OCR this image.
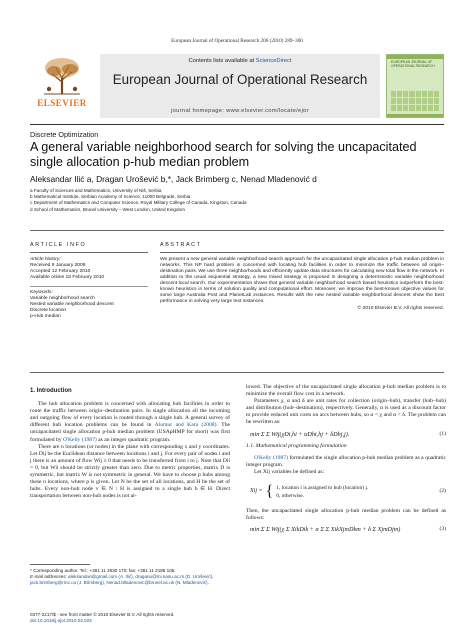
European Journal of Operational Research 206 (2010) 289–300
ELSEVIER
Contents lists available at ScienceDirect
European Journal of Operational Research
journal homepage: www.elsevier.com/locate/ejor
EUROPEAN JOURNAL OF OPERATIONAL RESEARCH
Discrete Optimization
A general variable neighborhood search for solving the uncapacitated single allocation p-hub median problem
Aleksandar Ilić a, Dragan Urošević b,*, Jack Brimberg c, Nenad Mladenović d
a Faculty of Sciences and Mathematics, University of Niš, Serbia
b Mathematical Institute, Serbian Academy of Science, 11000 Belgrade, Serbia
c Department of Mathematics and Computer Science, Royal Military College of Canada, Kingston, Canada
d School of Mathematics, Brunel University – West London, United Kingdom
ARTICLE INFO
Article history:
Received 9 January 2009
Accepted 12 February 2010
Available online 18 February 2010
Keywords:
Variable neighborhood search
Nested variable neighborhood descent
Discrete location
p-Hub median
ABSTRACT
We present a new general variable neighborhood search approach for the uncapacitated single allocation p-hub median problem in networks. This NP hard problem is concerned with locating hub facilities in order to minimize the traffic between all origin–destination pairs. We use three neighborhoods and efficiently update data structures for calculating new total flow in the network. In addition to the usual sequential strategy, a new mixed strategy is proposed in designing a deterministic variable neighborhood descent local search. Our experimentation shows that general variable neighborhood search based heuristics outperform the best-known heuristics in terms of solution quality and computational effort. Moreover, we improve the best-known objective values for some large Australia Post and PlanetLab instances. Results with the new nested variable neighborhood descent show the best performance in solving very large test instances.
© 2010 Elsevier B.V. All rights reserved.
1. Introduction
The hub allocation problem is concerned with allocating hub facilities in order to route the traffic between origin–destination pairs. In single allocation all the incoming and outgoing flow of every location is routed through a single hub. A general survey of different hub location problems can be found in Alumur and Kara (2008). The uncapacitated single allocation p-hub median problem (USApHMP for short) was first formulated by O'Kelly (1987) as an integer quadratic program.
There are n locations (or nodes) in the plane with corresponding x and y coordinates. Let Dij be the Euclidean distance between locations i and j. For every pair of nodes i and j there is an amount of flow Wij ≥ 0 that needs to be transferred from i to j. Note that Dii = 0, but Wii should be strictly greater than zero. Due to metric properties, matrix D is symmetric, but matrix W is not symmetric in general. We have to choose p hubs among these n locations, where p is given. Let N be the set of all locations, and H be the set of hubs. Every non-hub node v ∈ N \ H is assigned to a single hub h ∈ H. Direct transportation between non-hub nodes is not al-
lowed. The objective of the uncapacitated single allocation p-hub median problem is to minimize the overall flow cost in a network.
Parameters χ, α and δ are unit rates for collection (origin–hub), transfer (hub–hub) and distribution (hub–destination), respectively. Generally, α is used as a discount factor to provide reduced unit costs on arcs between hubs, so α < χ and α < δ. The problem can be rewritten as:
min Σ Σ Wij(χDi,hi + αDhi,hj + δDhj,j).	(1)
1.1. Mathematical programming formulation
O'Kelly (1987) formulated the single allocation p-hub median problem as a quadratic integer program.
Let Xij variables be defined as:
Xij = { 1, location i is assigned to hub (location) j.
0, otherwise.
(2)
Then, the uncapacitated single allocation p-hub median problem can be defined as follows:
min Σ Σ Wij(χ Σ XikDik + α Σ Σ XikXjmDkm + δ Σ XjmDjm)	(3)
* Corresponding author. Tel.: +381 11 2630 170; fax: +381 11 2186 105.
E-mail addresses: aleksandari@gmail.com (A. Ilić), draganu@mi.sanu.ac.rs (D. Urošević), jack.brimberg@rmc.ca (J. Brimberg), Nenad.Mladenovic@brunel.ac.uk (N. Mladenović).
0377-2217/$ - see front matter © 2010 Elsevier B.V. All rights reserved.
doi:10.1016/j.ejor.2010.02.022
